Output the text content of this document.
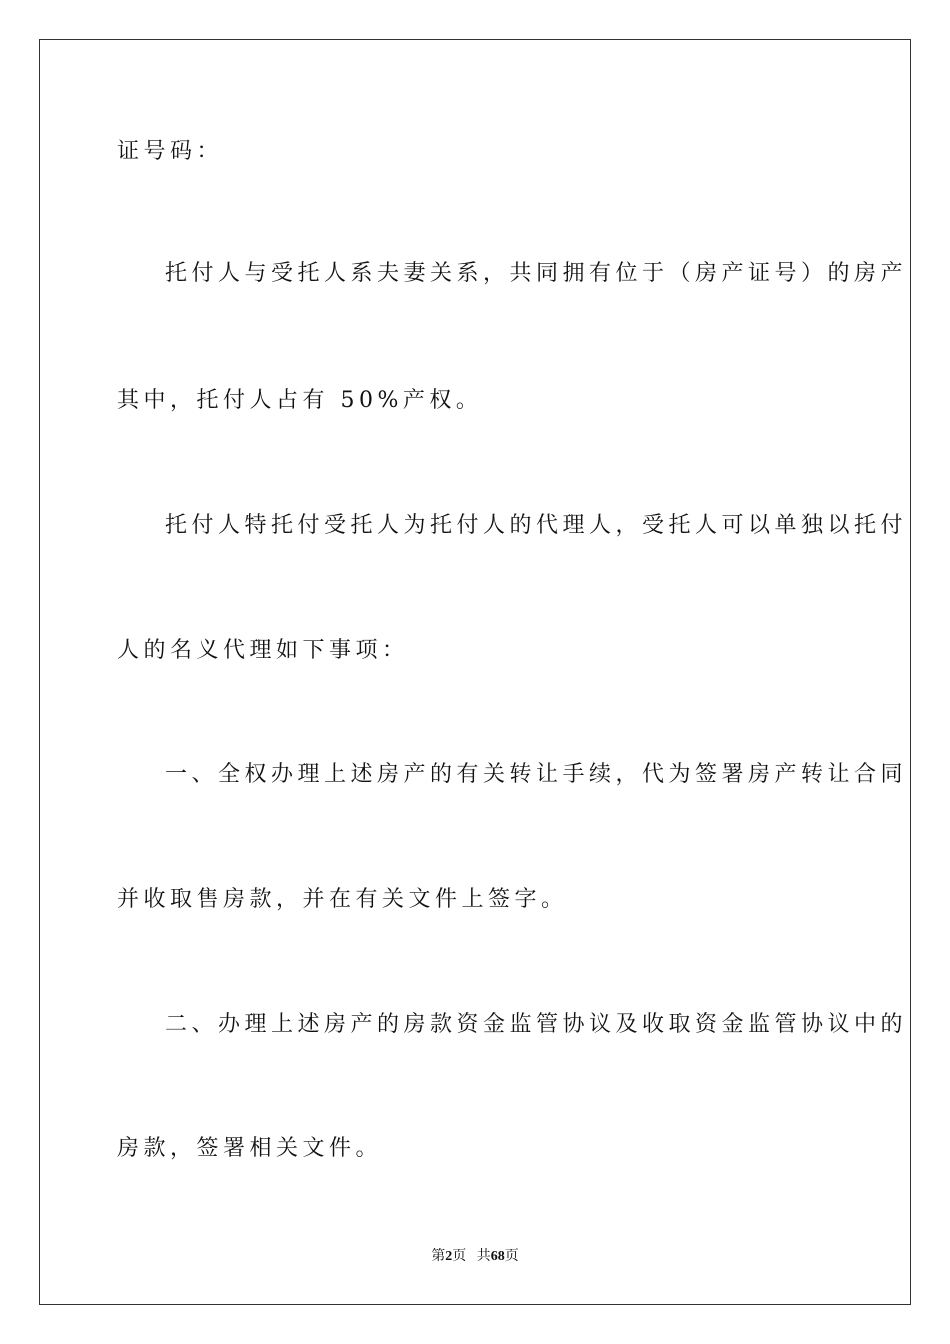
证号码：
托付人与受托人系夫妻关系，共同拥有位于（房产证号）的房产
其中，托付人占有 50%产权。
托付人特托付受托人为托付人的代理人，受托人可以单独以托付
人的名义代理如下事项：
一、全权办理上述房产的有关转让手续，代为签署房产转让合同
并收取售房款，并在有关文件上签字。
二、办理上述房产的房款资金监管协议及收取资金监管协议中的
房款，签署相关文件。
第2页 共68页
